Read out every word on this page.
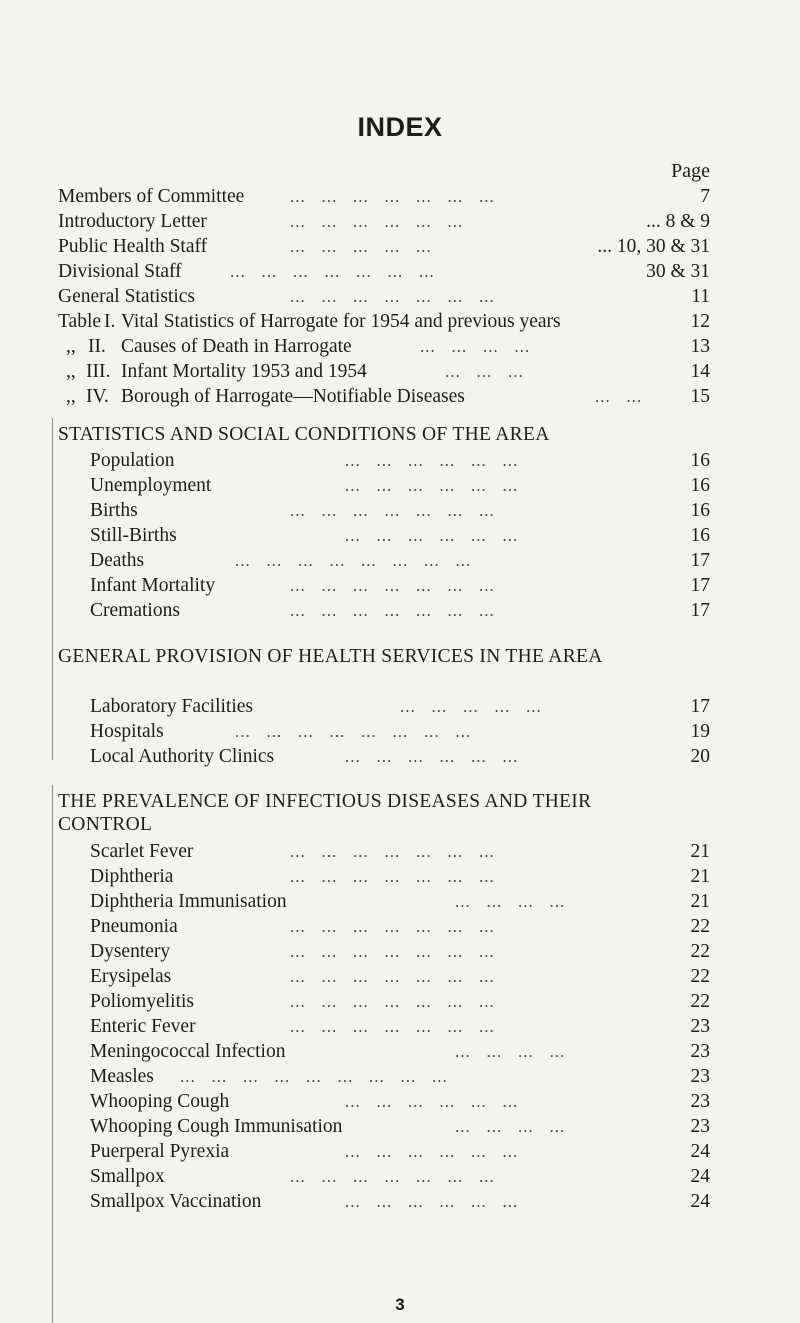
INDEX
Page
Members of Committee	...   ...   ...   ...   ...   ...   ...	7
Introductory Letter	...   ...   ...   ...   ...   ...	... 8 & 9
Public Health Staff	...   ...   ...   ...   ...	... 10, 30 & 31
Divisional Staff	...   ...   ...   ...   ...   ...   ...	30 & 31
General Statistics	...   ...   ...   ...   ...   ...   ...	11
Table I. Vital Statistics of Harrogate for 1954 and previous years	12
,, II. Causes of Death in Harrogate	...   ...   ...   ...	13
,, III. Infant Mortality 1953 and 1954	...   ...   ...	14
,, IV. Borough of Harrogate—Notifiable Diseases	...   ... 15
STATISTICS AND SOCIAL CONDITIONS OF THE AREA
Population	...   ...   ...   ...   ...   ...	16
Unemployment	...   ...   ...   ...   ...   ...	16
Births	...   ...   ...   ...   ...   ...   ...	16
Still-Births	...   ...   ...   ...   ...   ...	16
Deaths	...   ...   ...   ...   ...   ...   ...   ...	17
Infant Mortality	...   ...   ...   ...   ...   ...   ...	17
Cremations	...   ...   ...   ...   ...   ...   ...	17
GENERAL PROVISION OF HEALTH SERVICES IN THE AREA
Laboratory Facilities	...   ...   ...   ...   ...	17
Hospitals	...   ...   ...   ...   ...   ...   ...   ...	19
Local Authority Clinics	...   ...   ...   ...   ...   ...	20
THE PREVALENCE OF INFECTIOUS DISEASES AND THEIR CONTROL
Scarlet Fever	...   ...   ...   ...   ...   ...   ...	21
Diphtheria	...   ...   ...   ...   ...   ...   ...	21
Diphtheria Immunisation	...   ...   ...   ...	21
Pneumonia	...   ...   ...   ...   ...   ...   ...	22
Dysentery	...   ...   ...   ...   ...   ...   ...	22
Erysipelas	...   ...   ...   ...   ...   ...   ...	22
Poliomyelitis	...   ...   ...   ...   ...   ...   ...	22
Enteric Fever	...   ...   ...   ...   ...   ...   ...	23
Meningococcal Infection	...   ...   ...   ...	23
Measles ...   ...   ...   ...   ...   ...   ...   ...   ...	23
Whooping Cough	...   ...   ...   ...   ...   ...	23
Whooping Cough Immunisation	...   ...   ...   ...	23
Puerperal Pyrexia	...   ...   ...   ...   ...   ...	24
Smallpox	...   ...   ...   ...   ...   ...   ...	24
Smallpox Vaccination	...   ...   ...   ...   ...   ...	24
3
